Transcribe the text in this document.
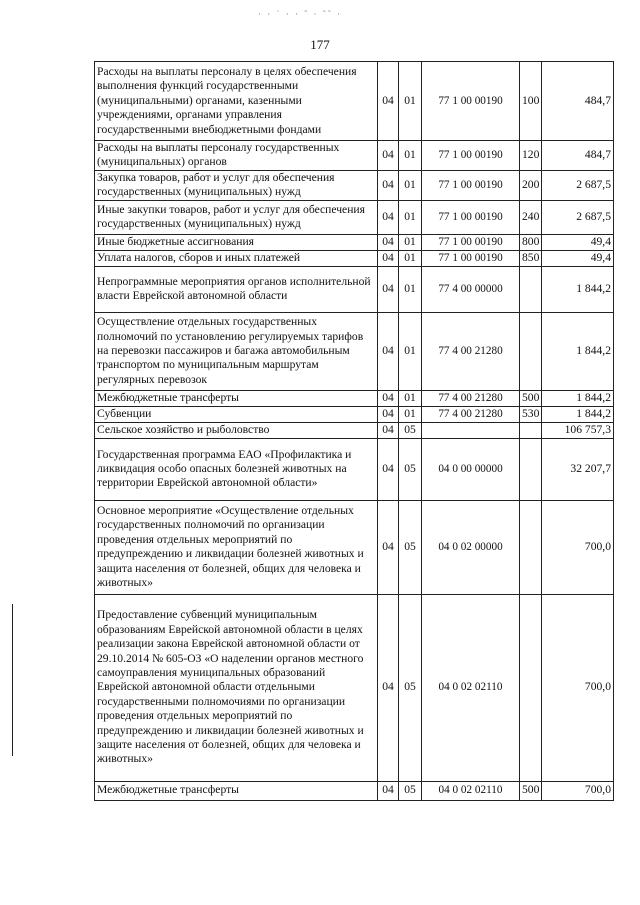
· · ˙ · · ˜ · ˜˜ ·
177
Расходы на выплаты персоналу в целях обеспечения выполнения функций государственными (муниципальными) органами, казенными учреждениями, органами управления государственными внебюджетными фондами	04	01	77 1 00 00190	100	484,7
Расходы на выплаты персоналу государственных (муниципальных) органов	04	01	77 1 00 00190	120	484,7
Закупка товаров, работ и услуг для обеспечения государственных (муниципальных) нужд	04	01	77 1 00 00190	200	2 687,5
Иные закупки товаров, работ и услуг для обеспечения государственных (муниципальных) нужд	04	01	77 1 00 00190	240	2 687,5
Иные бюджетные ассигнования	04	01	77 1 00 00190	800	49,4
Уплата налогов, сборов и иных платежей	04	01	77 1 00 00190	850	49,4
Непрограммные мероприятия органов исполнительной власти Еврейской автономной области	04	01	77 4 00 00000		1 844,2
Осуществление отдельных государственных полномочий по установлению регулируемых тарифов на перевозки пассажиров и багажа автомобильным транспортом по муниципальным маршрутам регулярных перевозок	04	01	77 4 00 21280		1 844,2
Межбюджетные трансферты	04	01	77 4 00 21280	500	1 844,2
Субвенции	04	01	77 4 00 21280	530	1 844,2
Сельское хозяйство и рыболовство	04	05			106 757,3
Государственная программа ЕАО «Профилактика и ликвидация особо опасных болезней животных на территории Еврейской автономной области»	04	05	04 0 00 00000		32 207,7
Основное мероприятие «Осуществление отдельных государственных полномочий по организации проведения отдельных мероприятий по предупреждению и ликвидации болезней животных и защита населения от болезней, общих для человека и животных»	04	05	04 0 02 00000		700,0
Предоставление субвенций муниципальным образованиям Еврейской автономной области в целях реализации закона Еврейской автономной области от 29.10.2014 № 605-ОЗ «О наделении органов местного самоуправления муниципальных образований Еврейской автономной области отдельными государственными полномочиями по организации проведения отдельных мероприятий по предупреждению и ликвидации болезней животных и защите населения от болезней, общих для человека и животных»	04	05	04 0 02 02110		700,0
Межбюджетные трансферты	04	05	04 0 02 02110	500	700,0
